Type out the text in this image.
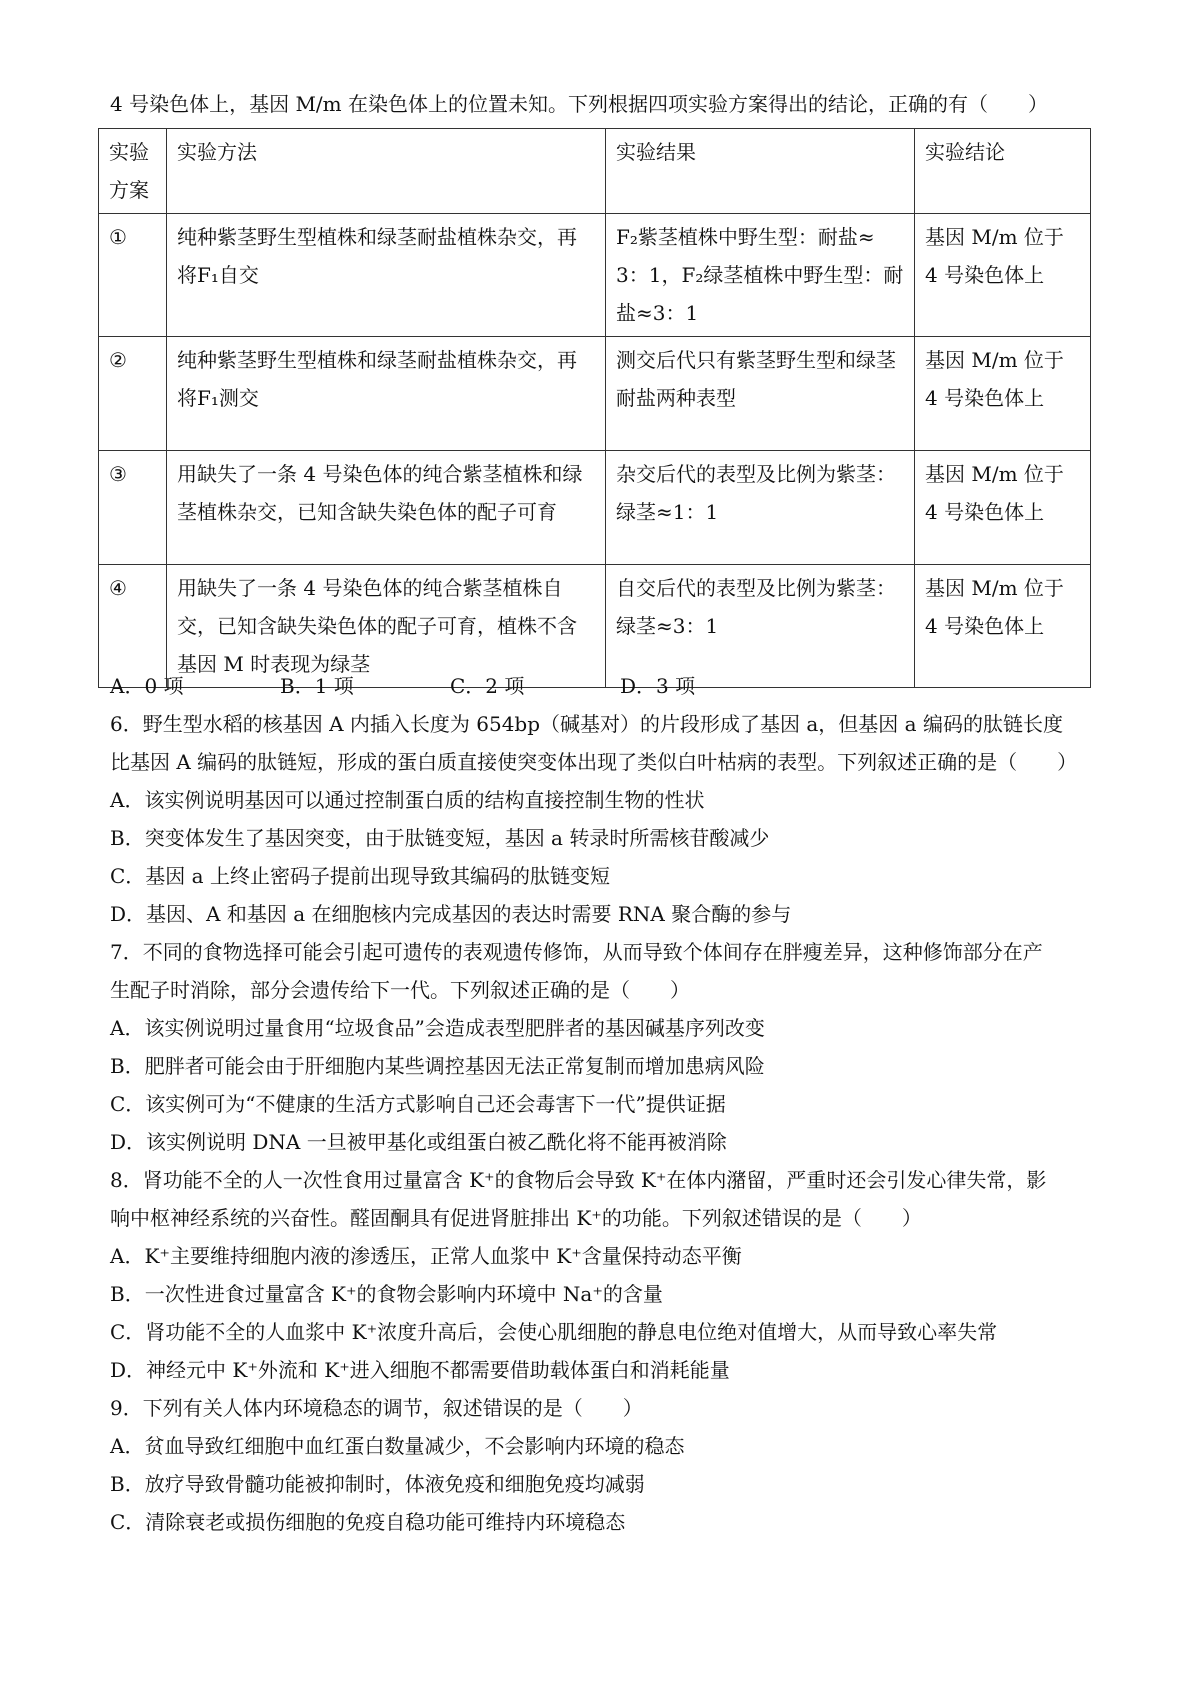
4 号染色体上，基因 M/m 在染色体上的位置未知。下列根据四项实验方案得出的结论，正确的有（　　）
实验方案	实验方法	实验结果	实验结论
①	纯种紫茎野生型植株和绿茎耐盐植株杂交，再将F₁自交	F₂紫茎植株中野生型：耐盐≈3：1，F₂绿茎植株中野生型：耐盐≈3：1	基因 M/m 位于 4 号染色体上
②	纯种紫茎野生型植株和绿茎耐盐植株杂交，再将F₁测交	测交后代只有紫茎野生型和绿茎耐盐两种表型	基因 M/m 位于 4 号染色体上
③	用缺失了一条 4 号染色体的纯合紫茎植株和绿茎植株杂交，已知含缺失染色体的配子可育	杂交后代的表型及比例为紫茎：绿茎≈1：1	基因 M/m 位于 4 号染色体上
④	用缺失了一条 4 号染色体的纯合紫茎植株自交，已知含缺失染色体的配子可育，植株不含基因 M 时表现为绿茎	自交后代的表型及比例为紫茎：绿茎≈3：1	基因 M/m 位于 4 号染色体上
A．0 项	B．1 项	C．2 项	D．3 项
6．野生型水稻的核基因 A 内插入长度为 654bp（碱基对）的片段形成了基因 a，但基因 a 编码的肽链长度
比基因 A 编码的肽链短，形成的蛋白质直接使突变体出现了类似白叶枯病的表型。下列叙述正确的是（　　）
A．该实例说明基因可以通过控制蛋白质的结构直接控制生物的性状
B．突变体发生了基因突变，由于肽链变短，基因 a 转录时所需核苷酸减少
C．基因 a 上终止密码子提前出现导致其编码的肽链变短
D．基因、A 和基因 a 在细胞核内完成基因的表达时需要 RNA 聚合酶的参与
7．不同的食物选择可能会引起可遗传的表观遗传修饰，从而导致个体间存在胖瘦差异，这种修饰部分在产
生配子时消除，部分会遗传给下一代。下列叙述正确的是（　　）
A．该实例说明过量食用“垃圾食品”会造成表型肥胖者的基因碱基序列改变
B．肥胖者可能会由于肝细胞内某些调控基因无法正常复制而增加患病风险
C．该实例可为“不健康的生活方式影响自己还会毒害下一代”提供证据
D．该实例说明 DNA 一旦被甲基化或组蛋白被乙酰化将不能再被消除
8．肾功能不全的人一次性食用过量富含 K⁺的食物后会导致 K⁺在体内潴留，严重时还会引发心律失常，影
响中枢神经系统的兴奋性。醛固酮具有促进肾脏排出 K⁺的功能。下列叙述错误的是（　　）
A．K⁺主要维持细胞内液的渗透压，正常人血浆中 K⁺含量保持动态平衡
B．一次性进食过量富含 K⁺的食物会影响内环境中 Na⁺的含量
C．肾功能不全的人血浆中 K⁺浓度升高后，会使心肌细胞的静息电位绝对值增大，从而导致心率失常
D．神经元中 K⁺外流和 K⁺进入细胞不都需要借助载体蛋白和消耗能量
9．下列有关人体内环境稳态的调节，叙述错误的是（　　）
A．贫血导致红细胞中血红蛋白数量减少，不会影响内环境的稳态
B．放疗导致骨髓功能被抑制时，体液免疫和细胞免疫均减弱
C．清除衰老或损伤细胞的免疫自稳功能可维持内环境稳态
